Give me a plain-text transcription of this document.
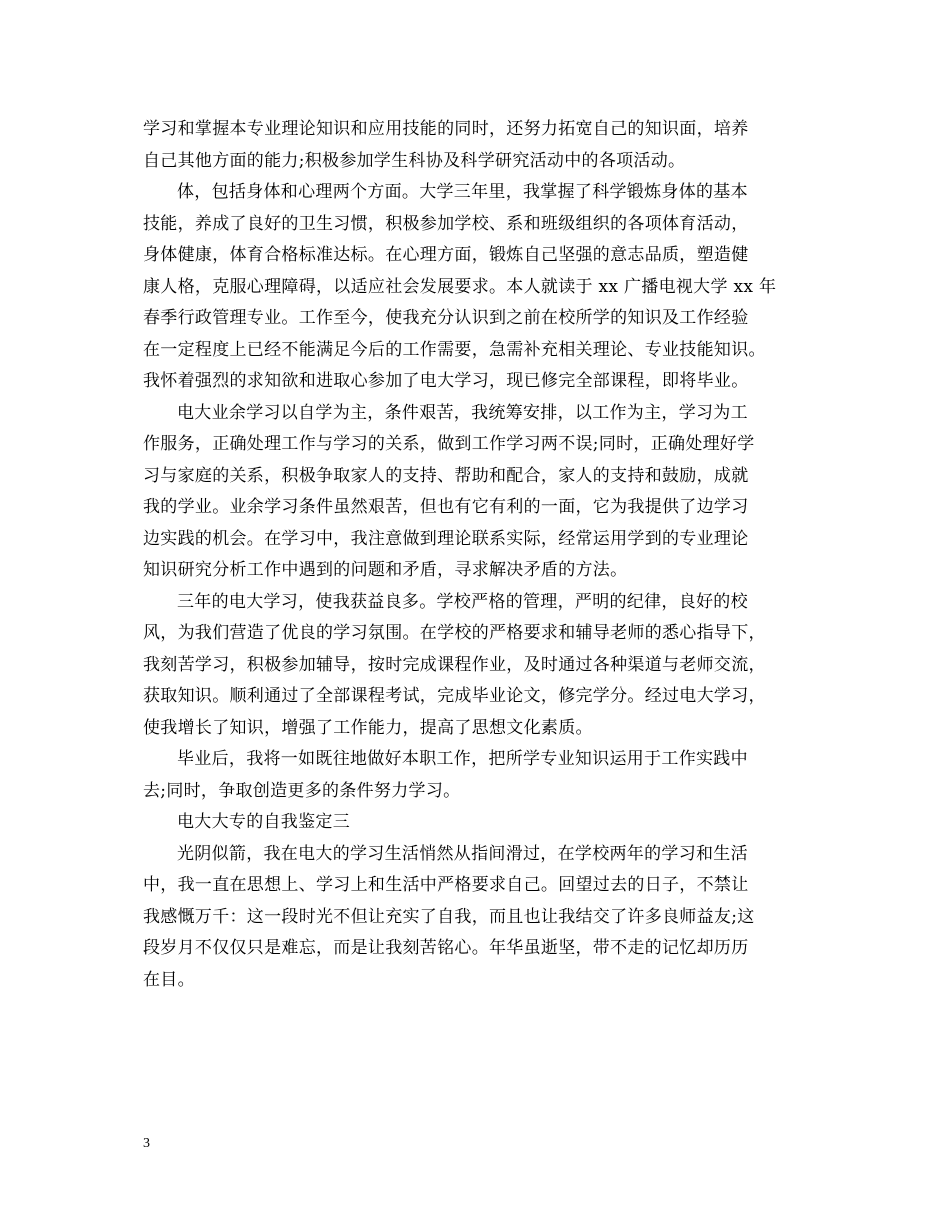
学习和掌握本专业理论知识和应用技能的同时，还努力拓宽自己的知识面，培养
自己其他方面的能力;积极参加学生科协及科学研究活动中的各项活动。

体，包括身体和心理两个方面。大学三年里，我掌握了科学锻炼身体的基本
技能，养成了良好的卫生习惯，积极参加学校、系和班级组织的各项体育活动，
身体健康，体育合格标准达标。在心理方面，锻炼自己坚强的意志品质，塑造健
康人格，克服心理障碍，以适应社会发展要求。本人就读于 xx 广播电视大学 xx 年
春季行政管理专业。工作至今，使我充分认识到之前在校所学的知识及工作经验
在一定程度上已经不能满足今后的工作需要，急需补充相关理论、专业技能知识。
我怀着强烈的求知欲和进取心参加了电大学习，现已修完全部课程，即将毕业。

电大业余学习以自学为主，条件艰苦，我统筹安排，以工作为主，学习为工
作服务，正确处理工作与学习的关系，做到工作学习两不误;同时，正确处理好学
习与家庭的关系，积极争取家人的支持、帮助和配合，家人的支持和鼓励，成就
我的学业。业余学习条件虽然艰苦，但也有它有利的一面，它为我提供了边学习
边实践的机会。在学习中，我注意做到理论联系实际，经常运用学到的专业理论
知识研究分析工作中遇到的问题和矛盾，寻求解决矛盾的方法。

三年的电大学习，使我获益良多。学校严格的管理，严明的纪律，良好的校
风，为我们营造了优良的学习氛围。在学校的严格要求和辅导老师的悉心指导下，
我刻苦学习，积极参加辅导，按时完成课程作业，及时通过各种渠道与老师交流，
获取知识。顺利通过了全部课程考试，完成毕业论文，修完学分。经过电大学习，
使我增长了知识，增强了工作能力，提高了思想文化素质。

毕业后，我将一如既往地做好本职工作，把所学专业知识运用于工作实践中
去;同时，争取创造更多的条件努力学习。

电大大专的自我鉴定三

光阴似箭，我在电大的学习生活悄然从指间滑过，在学校两年的学习和生活
中，我一直在思想上、学习上和生活中严格要求自己。回望过去的日子，不禁让
我感慨万千：这一段时光不但让充实了自我，而且也让我结交了许多良师益友;这
段岁月不仅仅只是难忘，而是让我刻苦铭心。年华虽逝坚，带不走的记忆却历历
在目。

3
